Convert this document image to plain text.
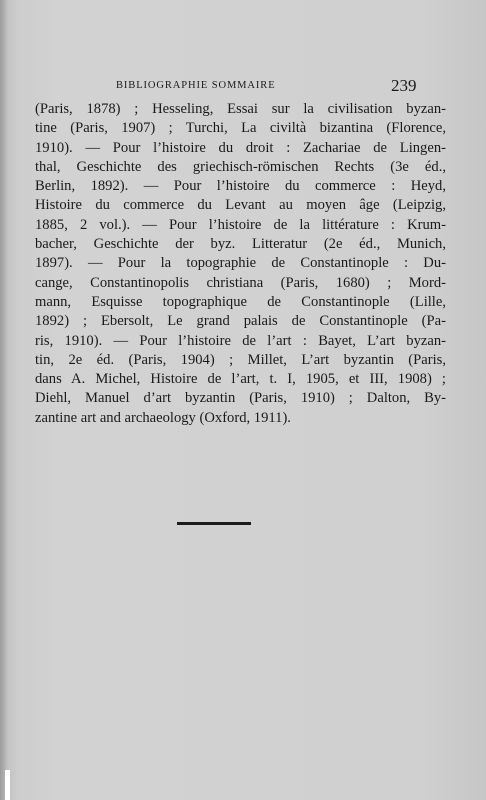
BIBLIOGRAPHIE SOMMAIRE	239
(Paris, 1878) ; Hesseling, Essai sur la civilisation byzan-
tine (Paris, 1907) ; Turchi, La civiltà bizantina (Florence,
1910). — Pour l’histoire du droit : Zachariae de Lingen-
thal, Geschichte des griechisch-römischen Rechts (3e éd.,
Berlin, 1892). — Pour l’histoire du commerce : Heyd,
Histoire du commerce du Levant au moyen âge (Leipzig,
1885, 2 vol.). — Pour l’histoire de la littérature : Krum-
bacher, Geschichte der byz. Litteratur (2e éd., Munich,
1897). — Pour la topographie de Constantinople : Du-
cange, Constantinopolis christiana (Paris, 1680) ; Mord-
mann, Esquisse topographique de Constantinople (Lille,
1892) ; Ebersolt, Le grand palais de Constantinople (Pa-
ris, 1910). — Pour l’histoire de l’art : Bayet, L’art byzan-
tin, 2e éd. (Paris, 1904) ; Millet, L’art byzantin (Paris,
dans A. Michel, Histoire de l’art, t. I, 1905, et III, 1908) ;
Diehl, Manuel d’art byzantin (Paris, 1910) ; Dalton, By-
zantine art and archaeology (Oxford, 1911).
